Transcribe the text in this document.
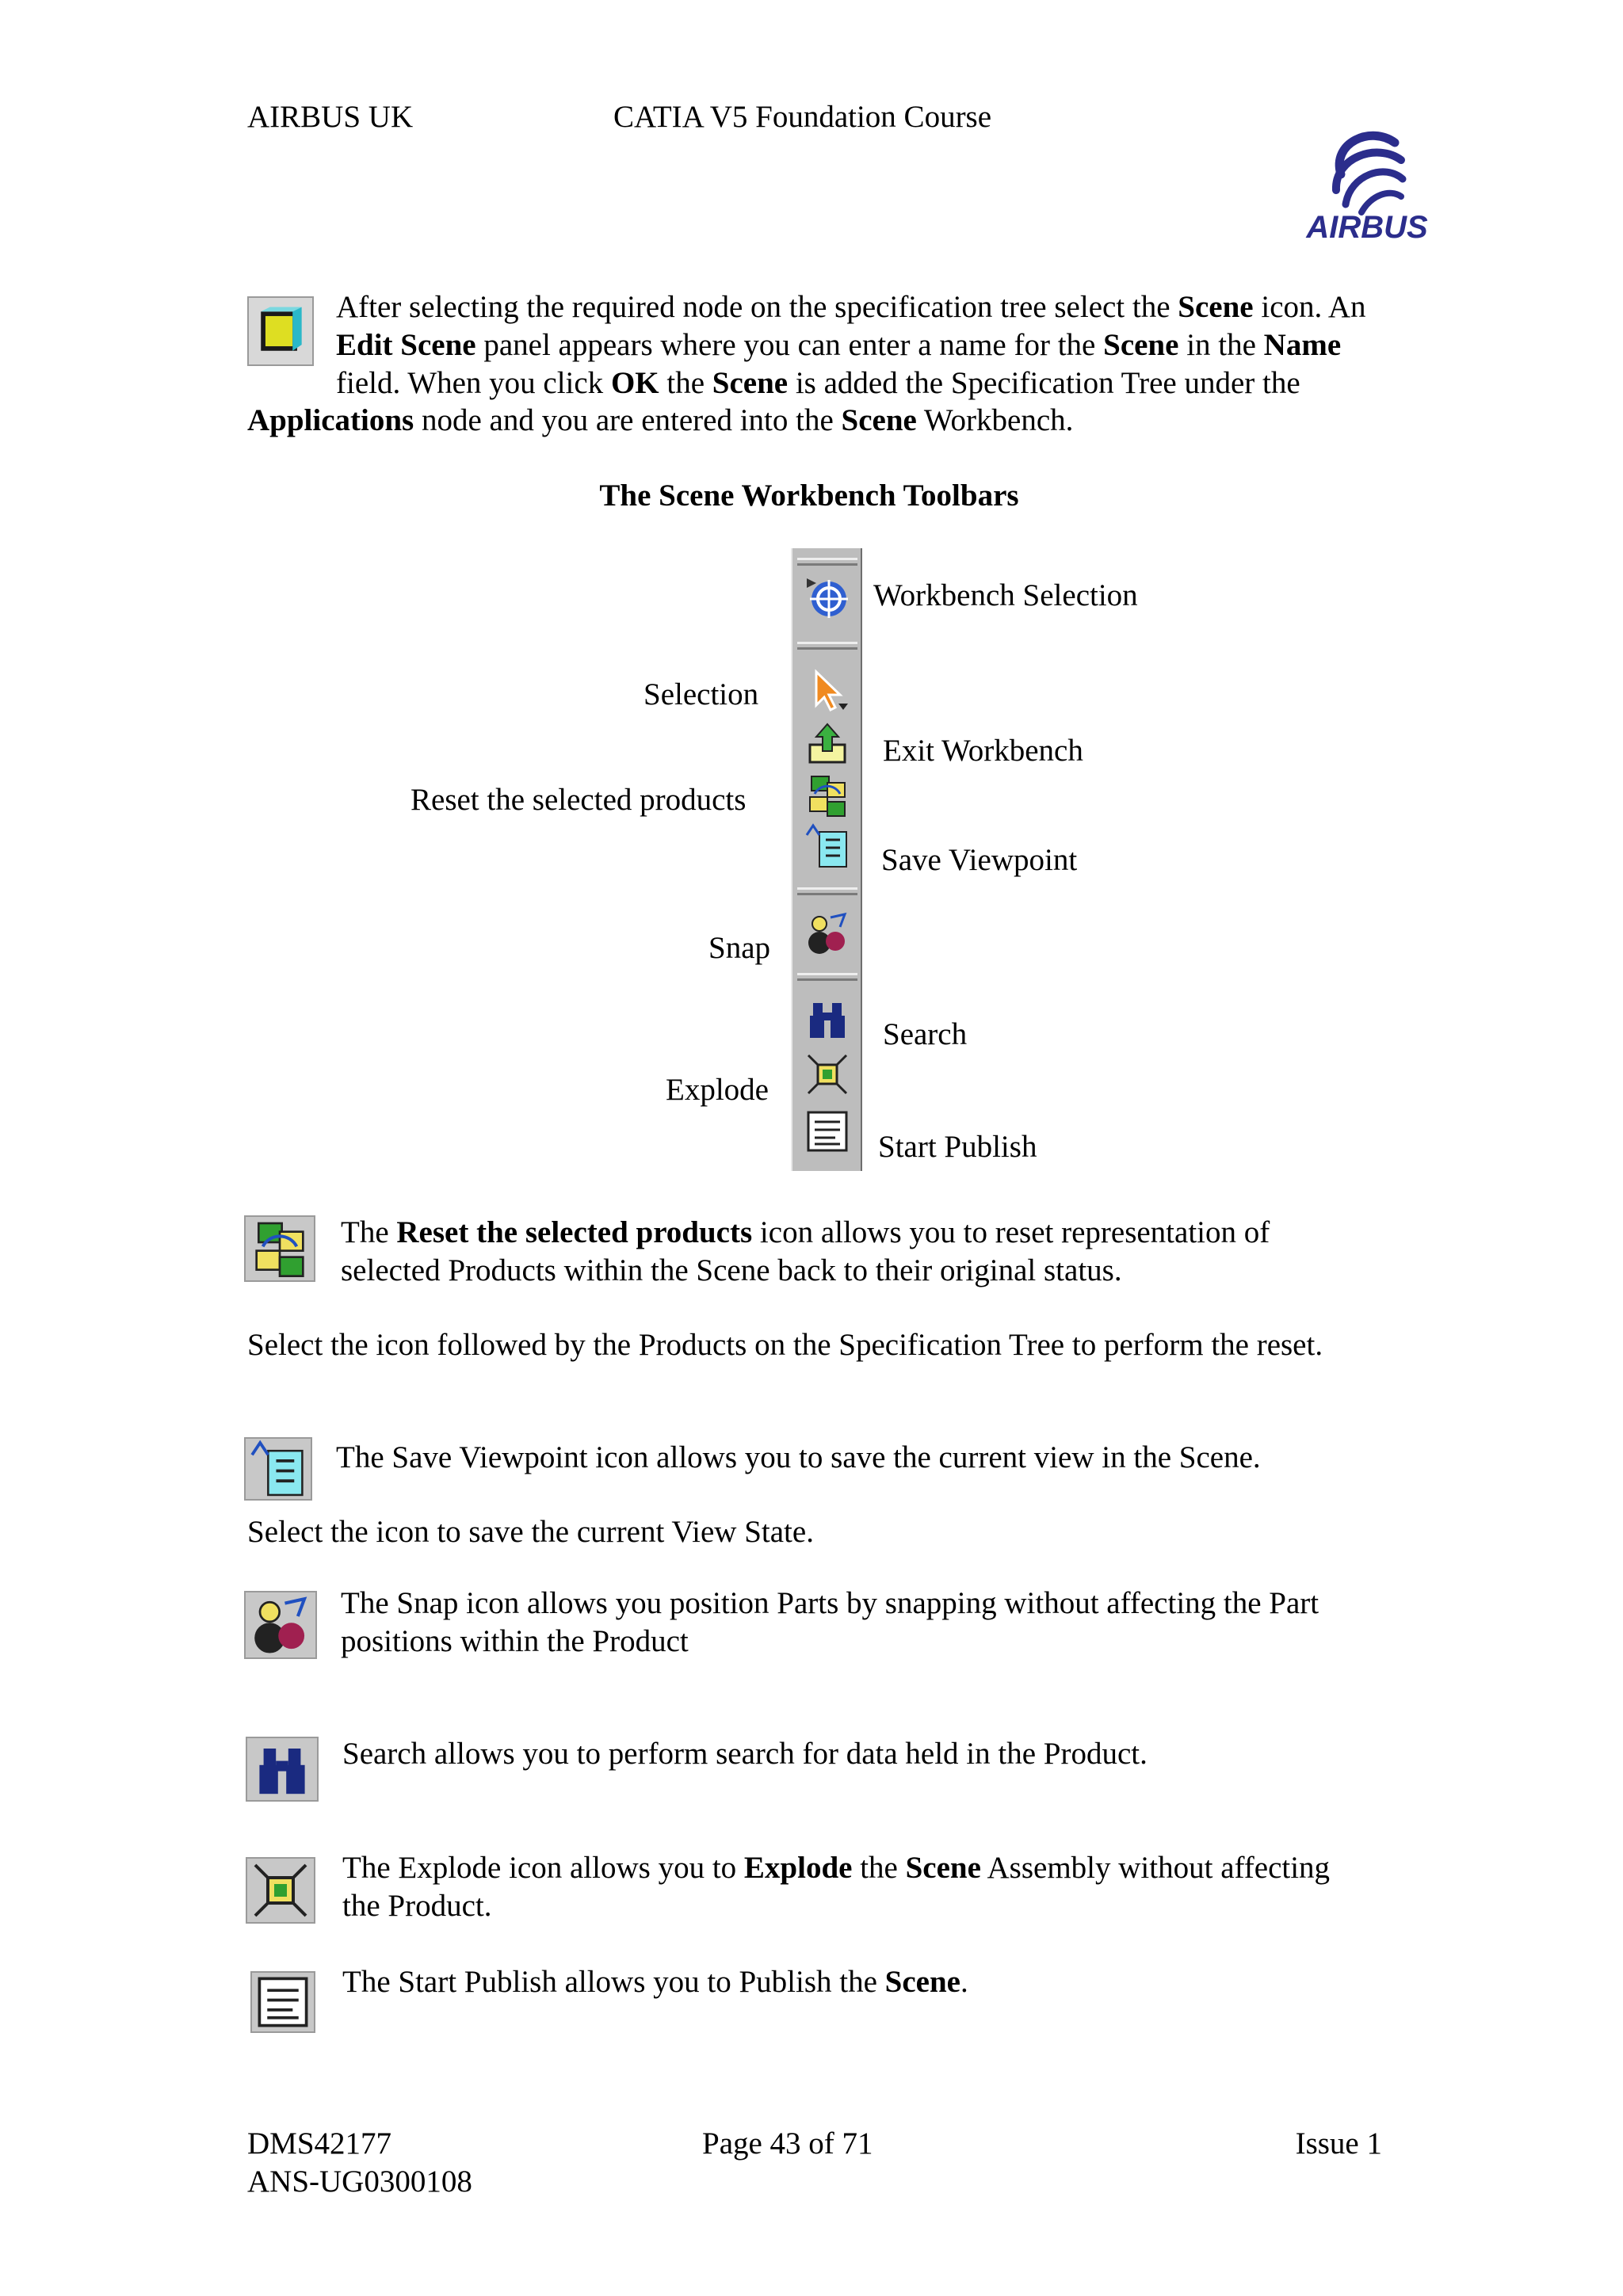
AIRBUS UK	CATIA V5 Foundation Course
AIRBUS
After selecting the required node on the specification tree select the Scene icon. An Edit Scene panel appears where you can enter a name for the Scene in the Name field. When you click OK the Scene is added the Specification Tree under the
Applications node and you are entered into the Scene Workbench.
The Scene Workbench Toolbars
Workbench Selection
Selection
Exit Workbench
Reset the selected products
Save Viewpoint
Snap
Search
Explode
Start Publish
The Reset the selected products icon allows you to reset representation of selected Products within the Scene back to their original status.
Select the icon followed by the Products on the Specification Tree to perform the reset.
The Save Viewpoint icon allows you to save the current view in the Scene.
Select the icon to save the current View State.
The Snap icon allows you position Parts by snapping without affecting the Part positions within the Product
Search allows you to perform search for data held in the Product.
The Explode icon allows you to Explode the Scene Assembly without affecting the Product.
The Start Publish allows you to Publish the Scene.
DMS42177
ANS-UG0300108
Page 43 of 71	Issue 1
